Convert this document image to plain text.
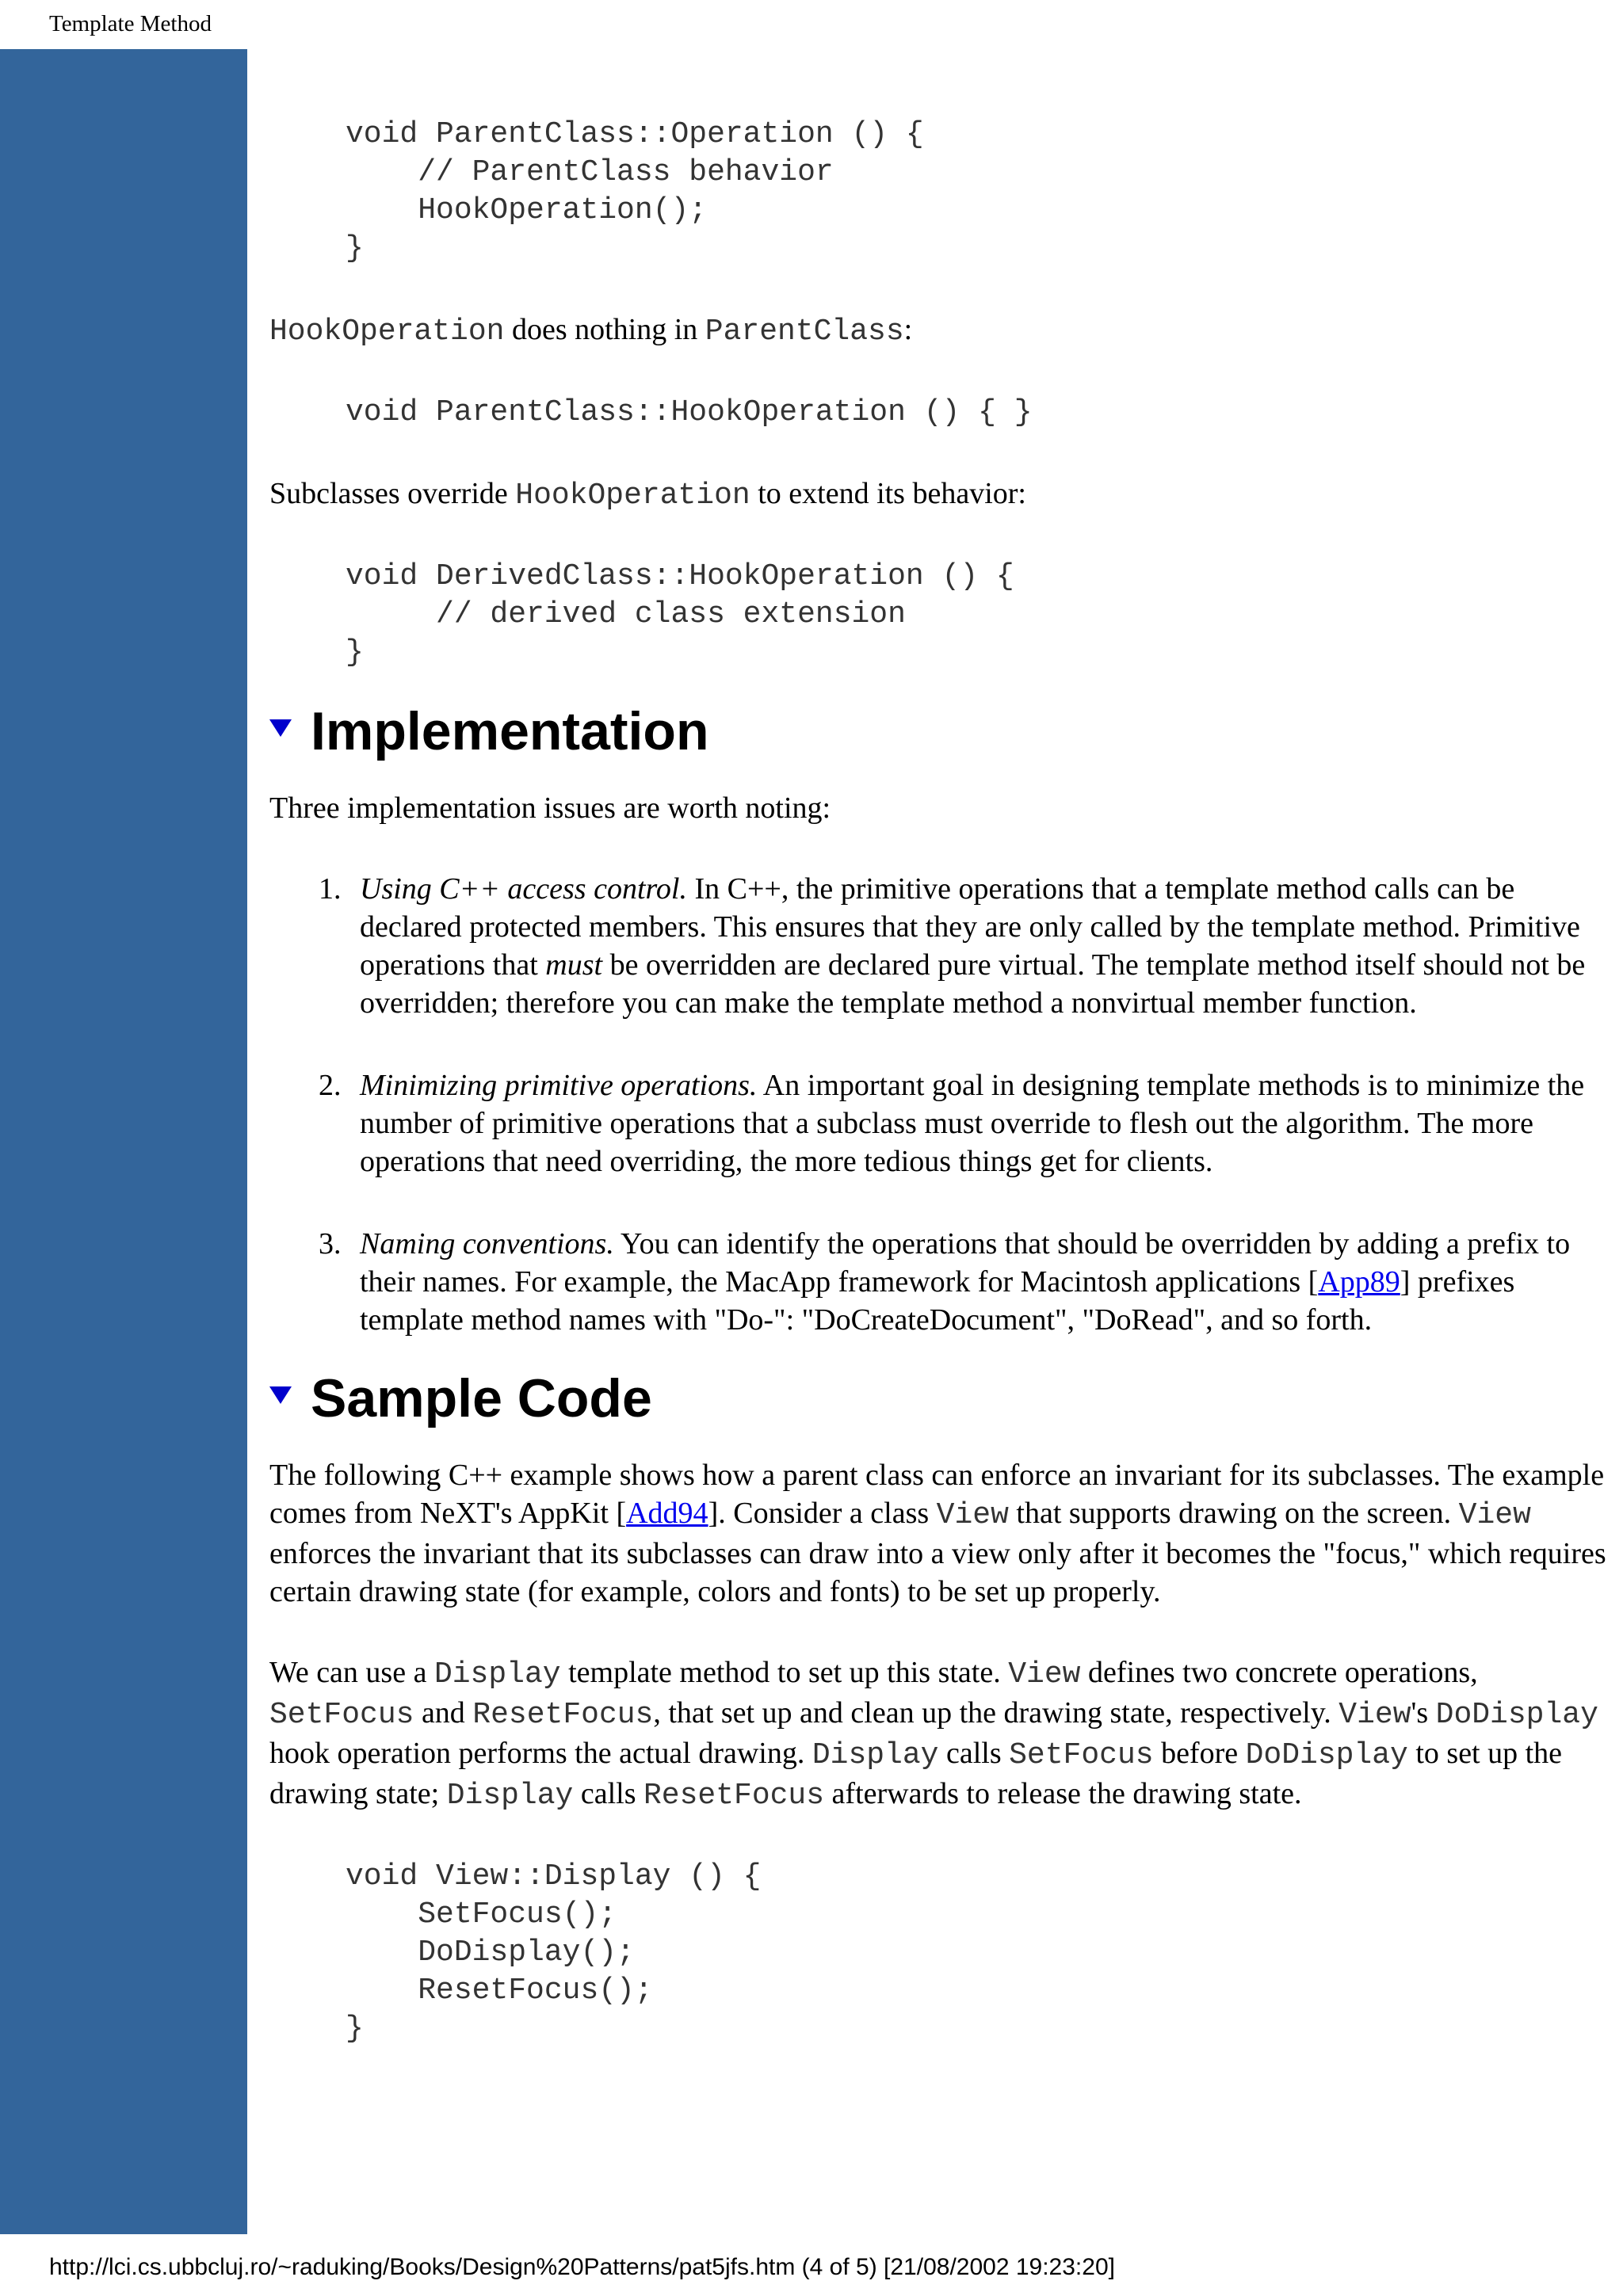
Template Method
void ParentClass::Operation () {
// ParentClass behavior
HookOperation();
}

HookOperation does nothing in ParentClass:

void ParentClass::HookOperation () { }

Subclasses override HookOperation to extend its behavior:

void DerivedClass::HookOperation () {
// derived class extension
}
Implementation

Three implementation issues are worth noting:

1. Using C++ access control. In C++, the primitive operations that a template method calls can be declared protected members. This ensures that they are only called by the template method. Primitive operations that must be overridden are declared pure virtual. The template method itself should not be overridden; therefore you can make the template method a nonvirtual member function.
2. Minimizing primitive operations. An important goal in designing template methods is to minimize the number of primitive operations that a subclass must override to flesh out the algorithm. The more operations that need overriding, the more tedious things get for clients.
3. Naming conventions. You can identify the operations that should be overridden by adding a prefix to their names. For example, the MacApp framework for Macintosh applications [App89] prefixes template method names with "Do-": "DoCreateDocument", "DoRead", and so forth.
Sample Code

The following C++ example shows how a parent class can enforce an invariant for its subclasses. The example comes from NeXT's AppKit [Add94]. Consider a class View that supports drawing on the screen. View enforces the invariant that its subclasses can draw into a view only after it becomes the "focus," which requires certain drawing state (for example, colors and fonts) to be set up properly.

We can use a Display template method to set up this state. View defines two concrete operations, SetFocus and ResetFocus, that set up and clean up the drawing state, respectively. View's DoDisplay hook operation performs the actual drawing. Display calls SetFocus before DoDisplay to set up the drawing state; Display calls ResetFocus afterwards to release the drawing state.

void View::Display () {
SetFocus();
DoDisplay();
ResetFocus();
}
http://lci.cs.ubbcluj.ro/~raduking/Books/Design%20Patterns/pat5jfs.htm (4 of 5) [21/08/2002 19:23:20]
